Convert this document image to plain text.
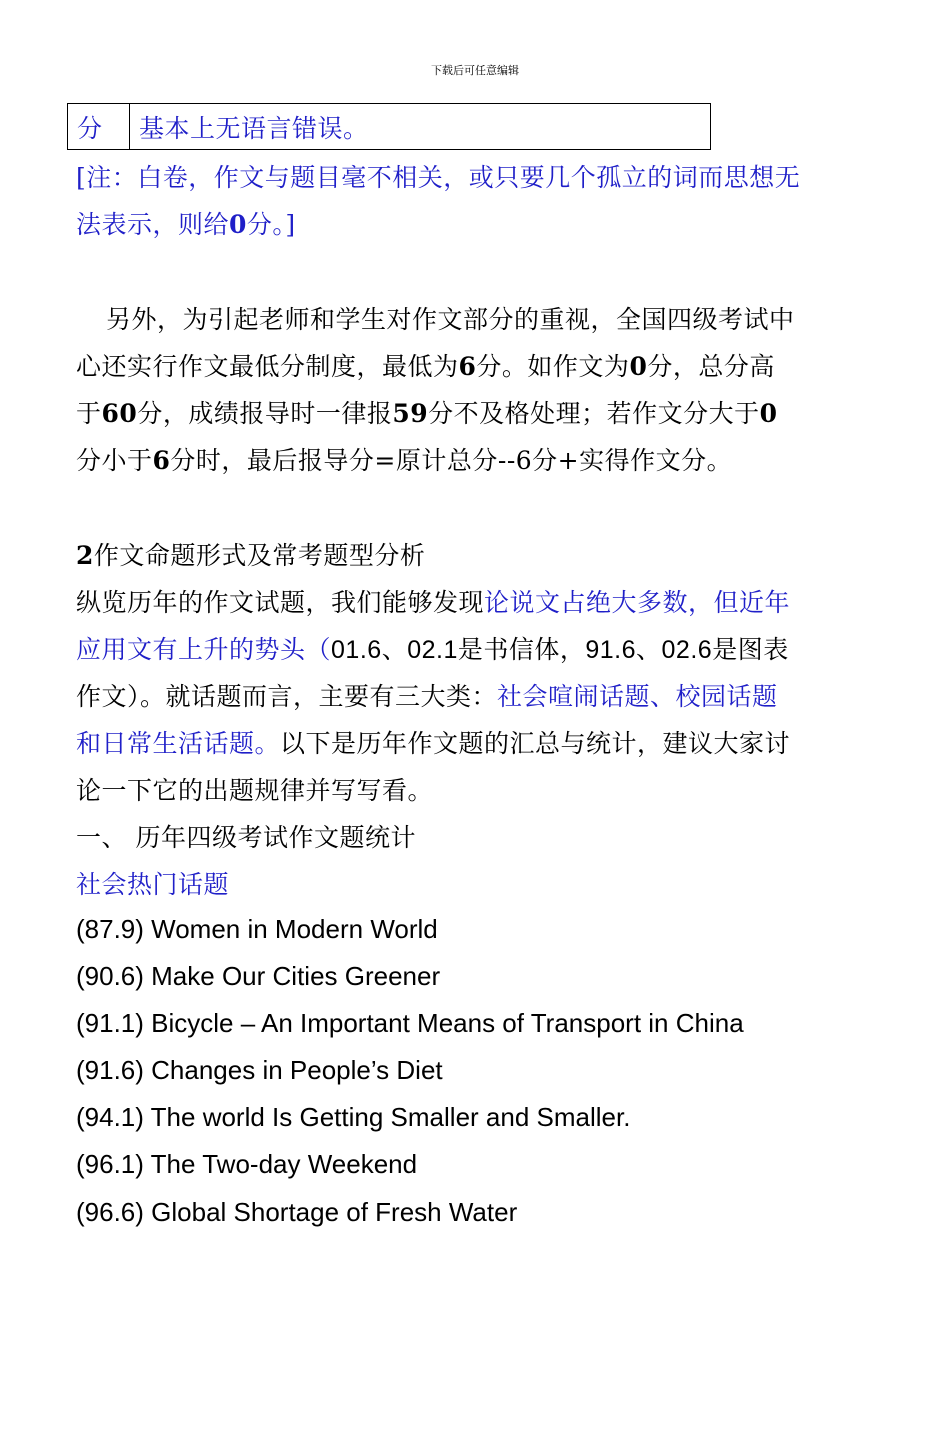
下载后可任意编辑
分	基本上无语言错误。
[注：白卷，作文与题目毫不相关，或只要几个孤立的词而思想无
法表示，则给0分。]
另外，为引起老师和学生对作文部分的重视，全国四级考试中
心还实行作文最低分制度，最低为6分。如作文为0分，总分高
于60分，成绩报导时一律报59分不及格处理；若作文分大于0
分小于6分时，最后报导分=原计总分--6分+实得作文分。
2作文命题形式及常考题型分析
纵览历年的作文试题，我们能够发现论说文占绝大多数，但近年
应用文有上升的势头（01.6、02.1是书信体，91.6、02.6是图表
作文）。就话题而言，主要有三大类：社会喧闹话题、校园话题
和日常生活话题。以下是历年作文题的汇总与统计，建议大家讨
论一下它的出题规律并写写看。
一、 历年四级考试作文题统计
社会热门话题
(87.9) Women in Modern World
(90.6) Make Our Cities Greener
(91.1) Bicycle – An Important Means of Transport in China
(91.6) Changes in People’s Diet
(94.1) The world Is Getting Smaller and Smaller.
(96.1) The Two-day Weekend
(96.6) Global Shortage of Fresh Water
